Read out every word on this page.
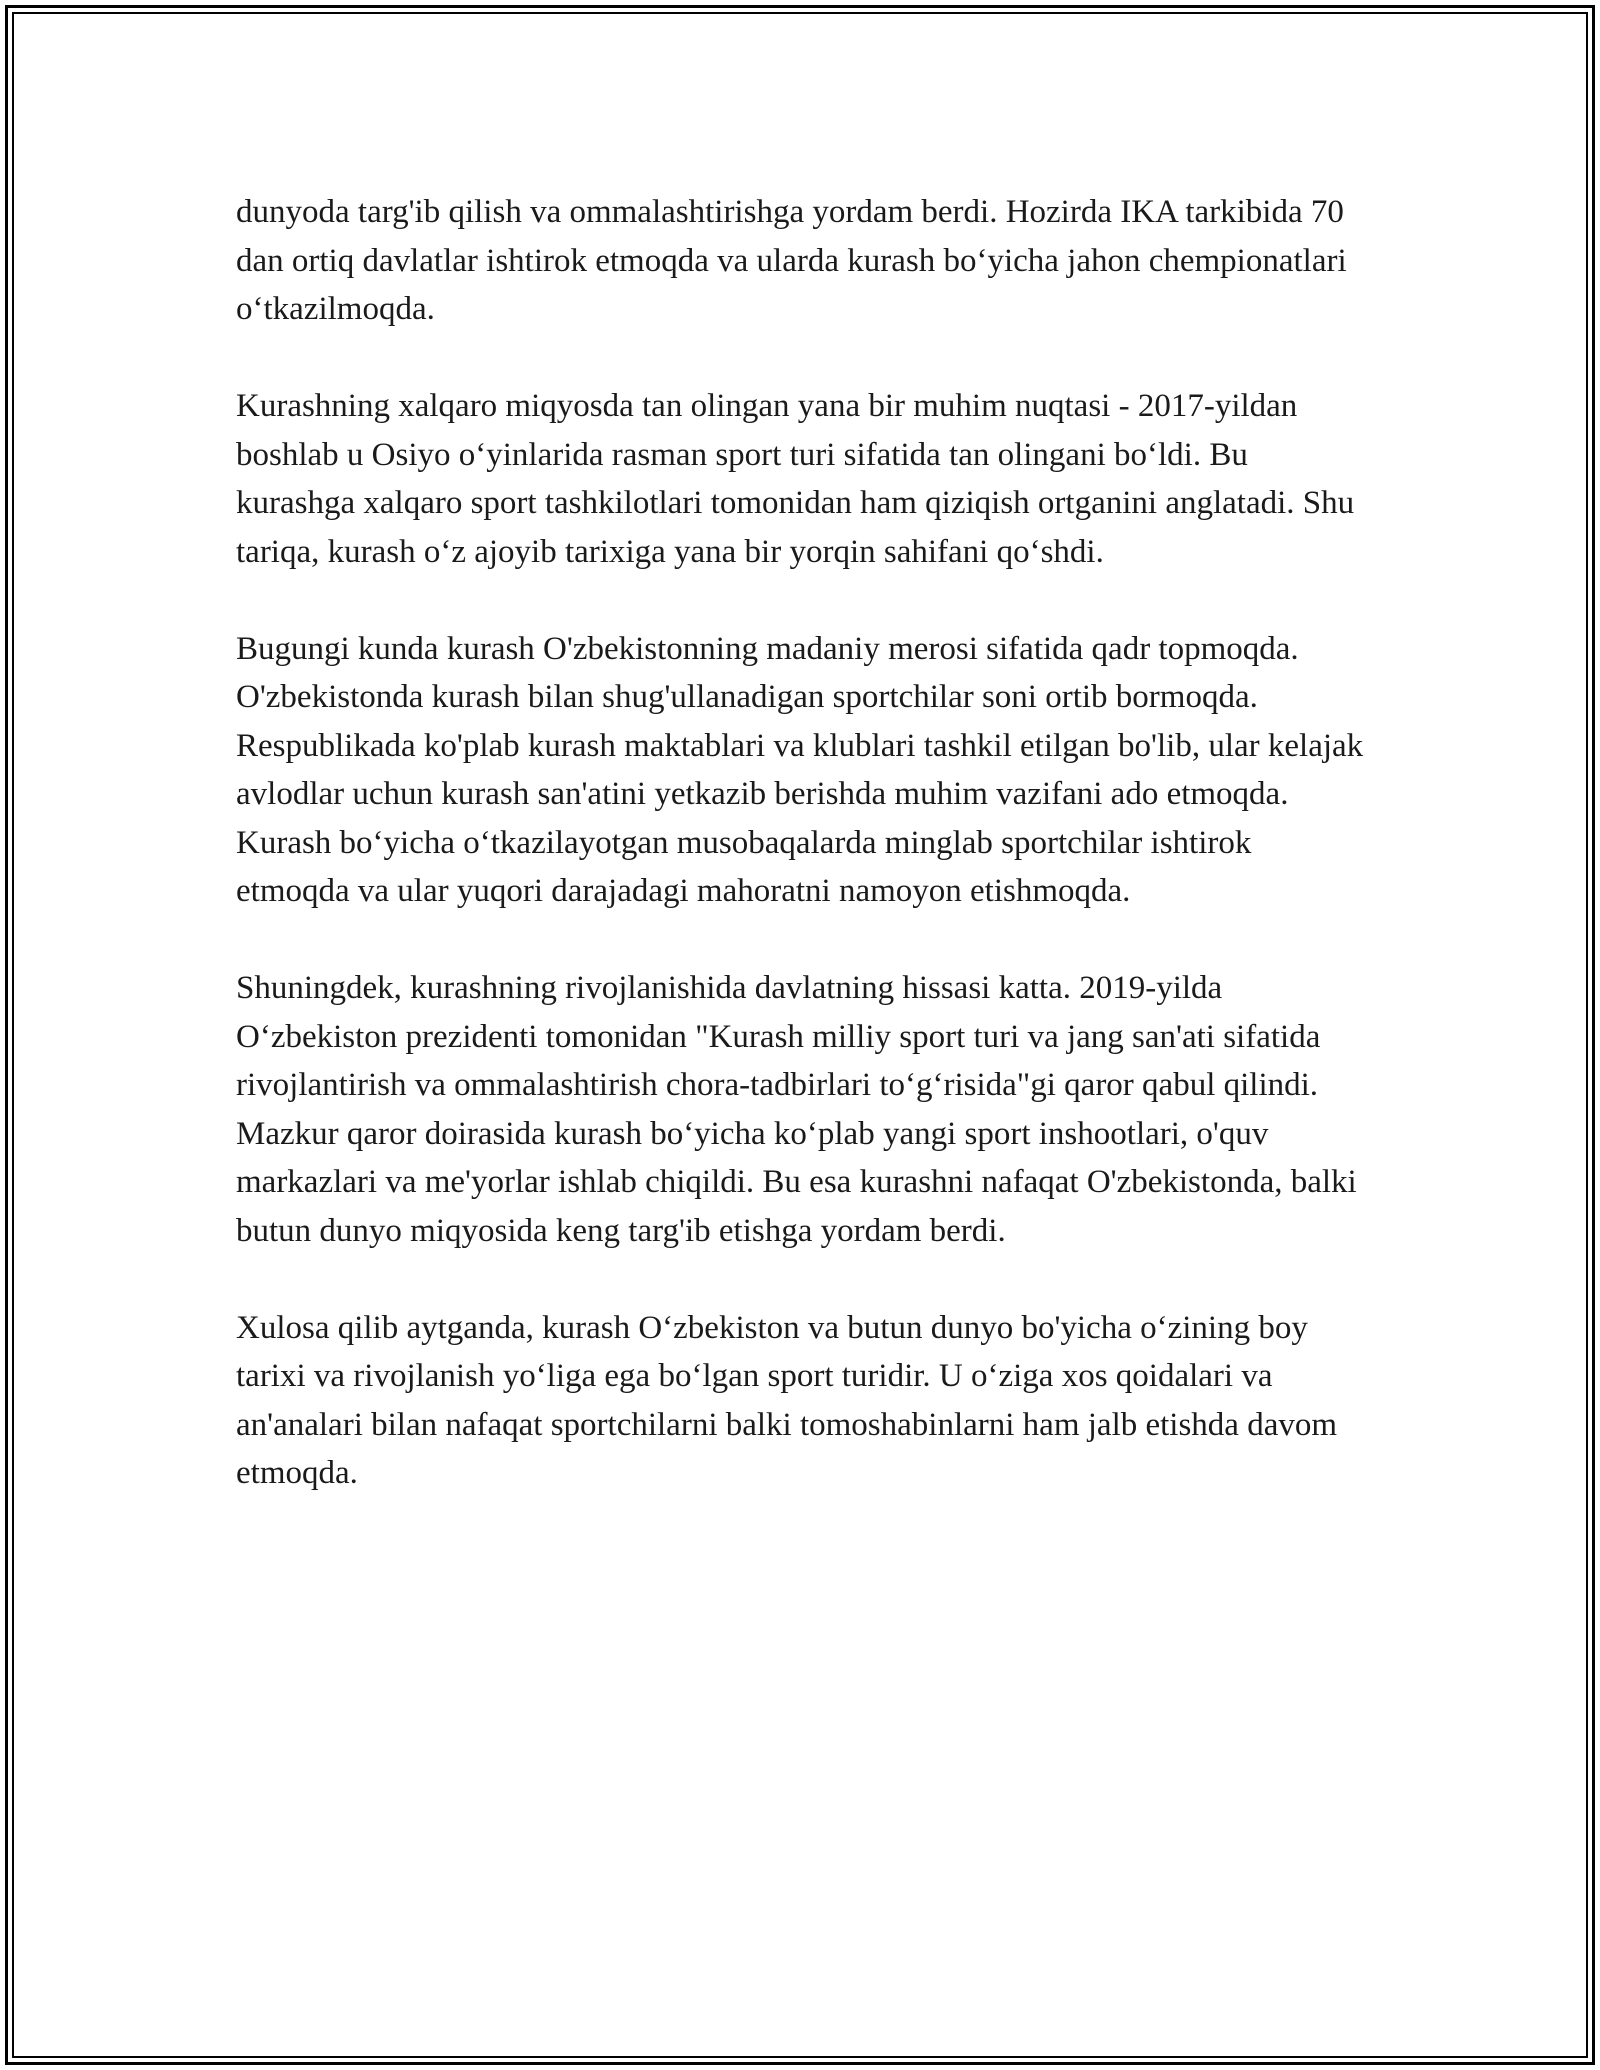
dunyoda targ'ib qilish va ommalashtirishga yordam berdi. Hozirda IKA tarkibida 70 dan ortiq davlatlar ishtirok etmoqda va ularda kurash boʻyicha jahon chempionatlari oʻtkazilmoqda.

Kurashning xalqaro miqyosda tan olingan yana bir muhim nuqtasi - 2017-yildan boshlab u Osiyo oʻyinlarida rasman sport turi sifatida tan olingani boʻldi. Bu kurashga xalqaro sport tashkilotlari tomonidan ham qiziqish ortganini anglatadi. Shu tariqa, kurash oʻz ajoyib tarixiga yana bir yorqin sahifani qoʻshdi.

Bugungi kunda kurash O'zbekistonning madaniy merosi sifatida qadr topmoqda. O'zbekistonda kurash bilan shug'ullanadigan sportchilar soni ortib bormoqda. Respublikada ko'plab kurash maktablari va klublari tashkil etilgan bo'lib, ular kelajak avlodlar uchun kurash san'atini yetkazib berishda muhim vazifani ado etmoqda. Kurash boʻyicha oʻtkazilayotgan musobaqalarda minglab sportchilar ishtirok etmoqda va ular yuqori darajadagi mahoratni namoyon etishmoqda.

Shuningdek, kurashning rivojlanishida davlatning hissasi katta. 2019-yilda Oʻzbekiston prezidenti tomonidan "Kurash milliy sport turi va jang san'ati sifatida rivojlantirish va ommalashtirish chora-tadbirlari toʻgʻrisida"gi qaror qabul qilindi. Mazkur qaror doirasida kurash boʻyicha koʻplab yangi sport inshootlari, o'quv markazlari va me'yorlar ishlab chiqildi. Bu esa kurashni nafaqat O'zbekistonda, balki butun dunyo miqyosida keng targ'ib etishga yordam berdi.

Xulosa qilib aytganda, kurash Oʻzbekiston va butun dunyo bo'yicha oʻzining boy tarixi va rivojlanish yoʻliga ega boʻlgan sport turidir. U oʻziga xos qoidalari va an'analari bilan nafaqat sportchilarni balki tomoshabinlarni ham jalb etishda davom etmoqda.
